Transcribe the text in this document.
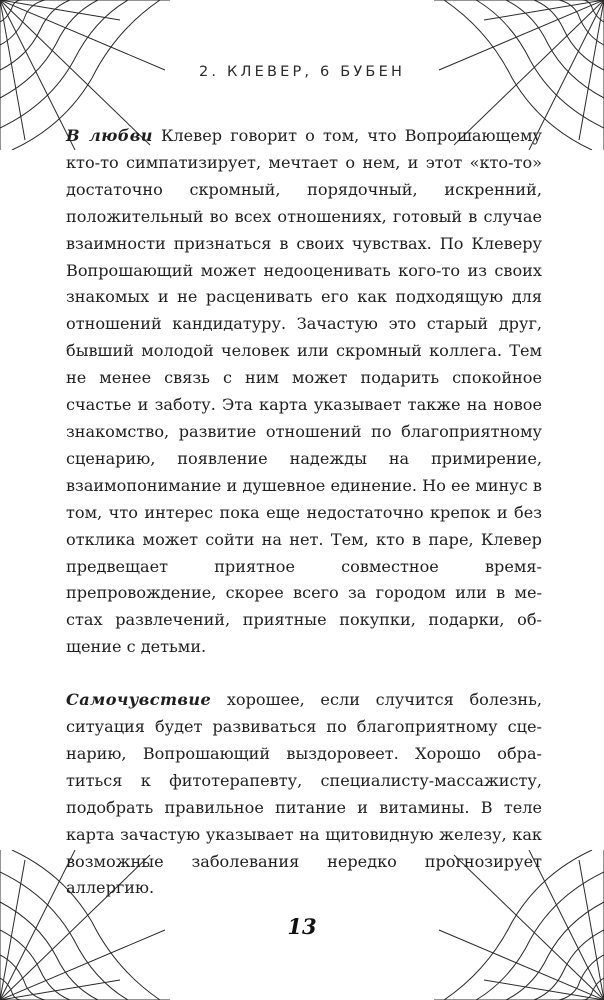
2. КЛЕВЕР, 6 БУБЕН

В любви Клевер говорит о том, что Вопрошающему кто-то симпатизирует, мечтает о нем, и этот «кто-то» достаточно скромный, порядочный, искренний, положительный во всех отношениях, готовый в случае взаимности признаться в своих чувствах. По Клеверу Вопрошающий может недооценивать кого-то из своих знакомых и не расценивать его как подходящую для отношений кандидатуру. Зачастую это старый друг, бывший молодой человек или скромный коллега. Тем не менее связь с ним может подарить спокойное счастье и заботу. Эта карта указывает также на новое знакомство, развитие отношений по благоприятному сценарию, появление надежды на примирение, взаимопонимание и душевное единение. Но ее минус в том, что интерес пока еще недостаточно крепок и без отклика может сойти на нет. Тем, кто в паре, Клевер предвещает приятное совместное времяпрепровождение, скорее всего за городом или в местах развлечений, приятные покупки, подарки, общение с детьми.

Самочувствие хорошее, если случится болезнь, ситуация будет развиваться по благоприятному сценарию, Вопрошающий выздоровеет. Хорошо обратиться к фитотерапевту, специалисту-массажисту, подобрать правильное питание и витамины. В теле карта зачастую указывает на щитовидную железу, как возможные заболевания нередко прогнозирует аллергию.

13
